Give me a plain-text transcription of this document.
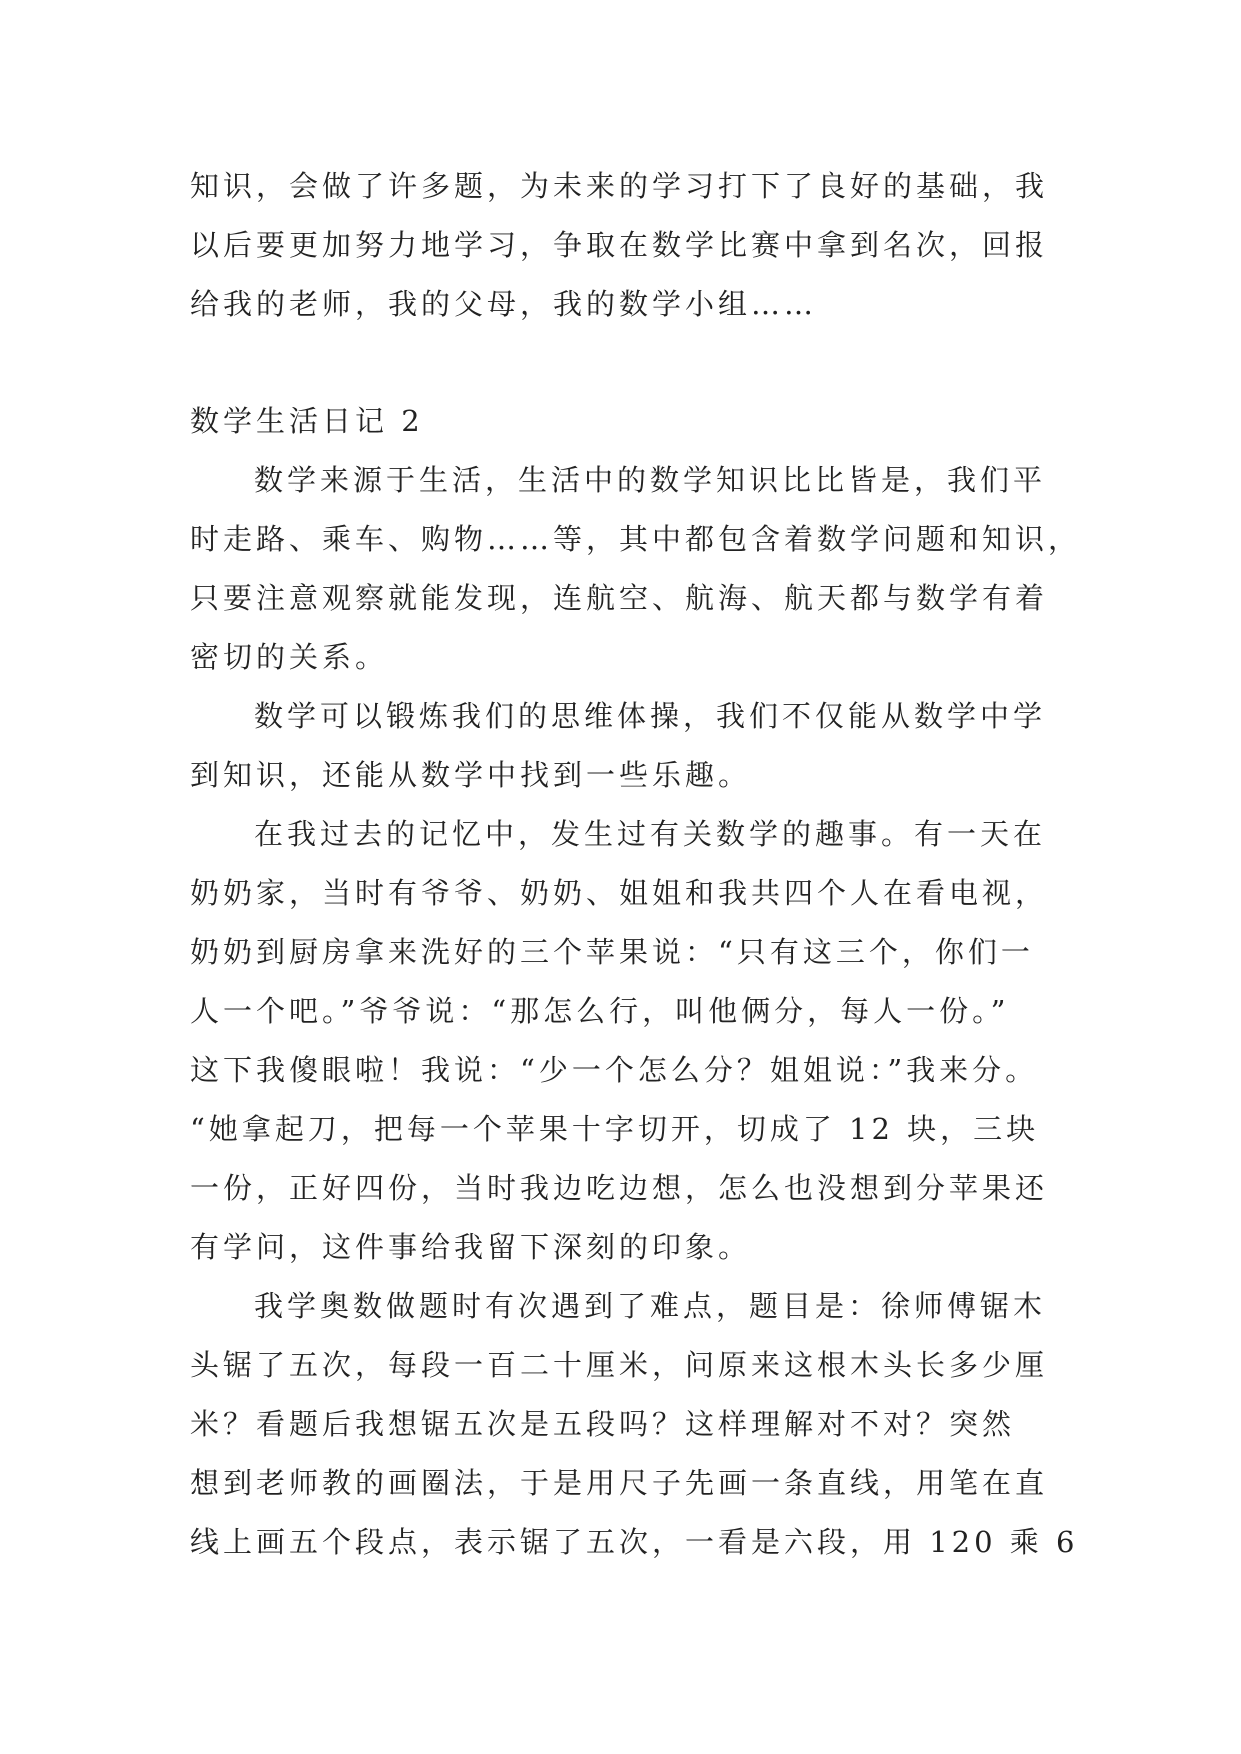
知识，会做了许多题，为未来的学习打下了良好的基础，我
以后要更加努力地学习，争取在数学比赛中拿到名次，回报
给我的老师，我的父母，我的数学小组……
数学生活日记 2
数学来源于生活，生活中的数学知识比比皆是，我们平
时走路、乘车、购物……等，其中都包含着数学问题和知识，
只要注意观察就能发现，连航空、航海、航天都与数学有着
密切的关系。
数学可以锻炼我们的思维体操，我们不仅能从数学中学
到知识，还能从数学中找到一些乐趣。
在我过去的记忆中，发生过有关数学的趣事。有一天在
奶奶家，当时有爷爷、奶奶、姐姐和我共四个人在看电视，
奶奶到厨房拿来洗好的三个苹果说：“只有这三个，你们一
人一个吧。”爷爷说：“那怎么行，叫他俩分，每人一份。”
这下我傻眼啦！我说：“少一个怎么分？姐姐说：”我来分。
“她拿起刀，把每一个苹果十字切开，切成了 12 块，三块
一份，正好四份，当时我边吃边想，怎么也没想到分苹果还
有学问，这件事给我留下深刻的印象。
我学奥数做题时有次遇到了难点，题目是：徐师傅锯木
头锯了五次，每段一百二十厘米，问原来这根木头长多少厘
米？看题后我想锯五次是五段吗？这样理解对不对？突然
想到老师教的画圈法，于是用尺子先画一条直线，用笔在直
线上画五个段点，表示锯了五次，一看是六段，用 120 乘 6
